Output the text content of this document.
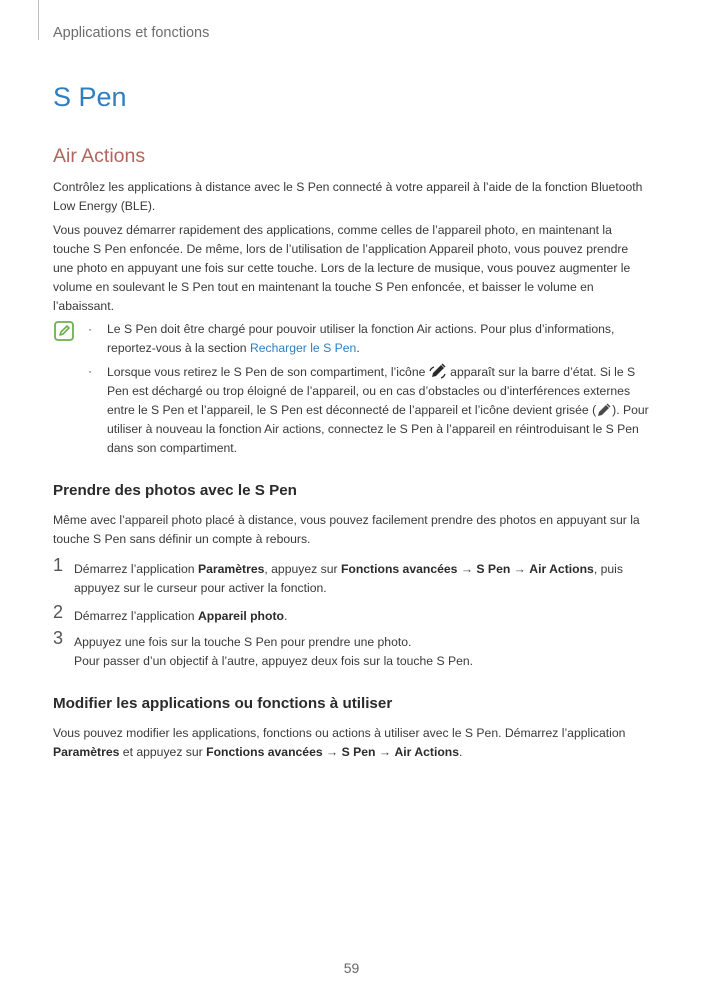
Applications et fonctions
S Pen
Air Actions

Contrôlez les applications à distance avec le S Pen connecté à votre appareil à l’aide de la fonction Bluetooth Low Energy (BLE).

Vous pouvez démarrer rapidement des applications, comme celles de l’appareil photo, en maintenant la touche S Pen enfoncée. De même, lors de l’utilisation de l’application Appareil photo, vous pouvez prendre une photo en appuyant une fois sur cette touche. Lors de la lecture de musique, vous pouvez augmenter le volume en soulevant le S Pen tout en maintenant la touche S Pen enfoncée, et baisser le volume en l’abaissant.

·	Le S Pen doit être chargé pour pouvoir utiliser la fonction Air actions. Pour plus d’informations, reportez-vous à la section Recharger le S Pen.
·	Lorsque vous retirez le S Pen de son compartiment, l’icône  apparaît sur la barre d’état. Si le S Pen est déchargé ou trop éloigné de l’appareil, ou en cas d’obstacles ou d’interférences externes entre le S Pen et l’appareil, le S Pen est déconnecté de l’appareil et l’icône devient grisée ( ). Pour utiliser à nouveau la fonction Air actions, connectez le S Pen à l’appareil en réintroduisant le S Pen dans son compartiment.
Prendre des photos avec le S Pen

Même avec l’appareil photo placé à distance, vous pouvez facilement prendre des photos en appuyant sur la touche S Pen sans définir un compte à rebours.

1 Démarrez l’application Paramètres, appuyez sur Fonctions avancées → S Pen → Air Actions, puis appuyez sur le curseur pour activer la fonction.
2 Démarrez l’application Appareil photo.
3 Appuyez une fois sur la touche S Pen pour prendre une photo.
Pour passer d’un objectif à l’autre, appuyez deux fois sur la touche S Pen.
Modifier les applications ou fonctions à utiliser

Vous pouvez modifier les applications, fonctions ou actions à utiliser avec le S Pen. Démarrez l’application Paramètres et appuyez sur Fonctions avancées → S Pen → Air Actions.

59
